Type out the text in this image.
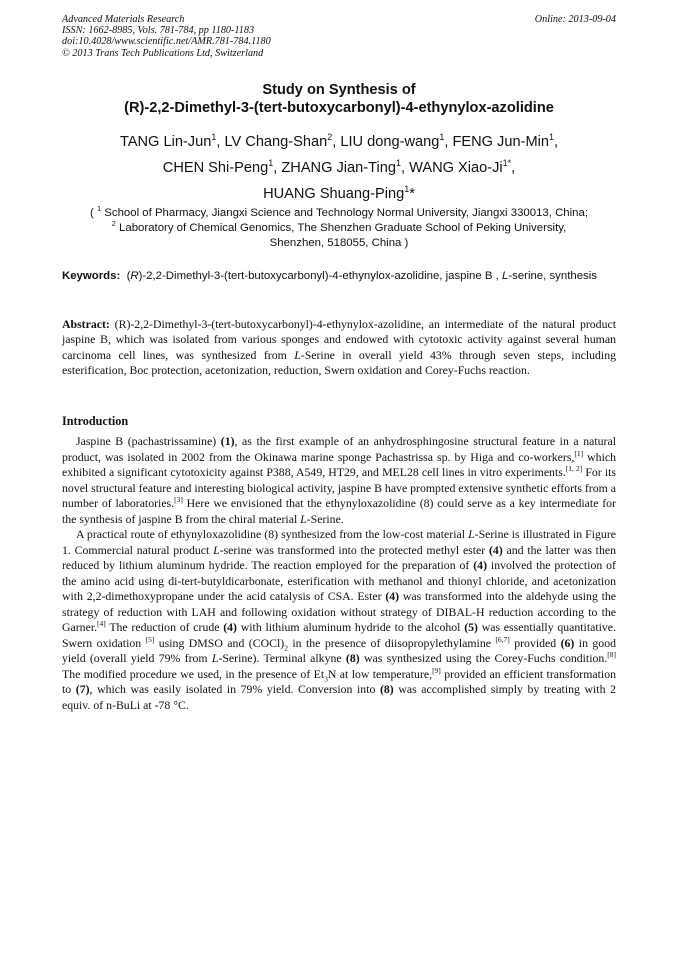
Advanced Materials Research
ISSN: 1662-8985, Vols. 781-784, pp 1180-1183
doi:10.4028/www.scientific.net/AMR.781-784.1180
© 2013 Trans Tech Publications Ltd, Switzerland
Online: 2013-09-04
Study on Synthesis of
(R)-2,2-Dimethyl-3-(tert-butoxycarbonyl)-4-ethynylox-azolidine
TANG Lin-Jun$^1$, LV Chang-Shan$^2$, LIU dong-wang$^1$, FENG Jun-Min$^1$,
CHEN Shi-Peng$^1$, ZHANG Jian-Ting$^1$, WANG Xiao-$Ji^{1*}$,
HUANG Shuang-Ping$^1$*
( $^1$ School of Pharmacy, Jiangxi Science and Technology Normal University, Jiangxi 330013, China;
$^2$ Laboratory of Chemical Genomics, The Shenzhen Graduate School of Peking University,
Shenzhen, 518055, China )
Keywords:  (R)-2,2-Dimethyl-3-(tert-butoxycarbonyl)-4-ethynylox-azolidine, jaspine B , L-serine, synthesis
Abstract: (R)-2,2-Dimethyl-3-(tert-butoxycarbonyl)-4-ethynylox-azolidine, an intermediate of the natural product jaspine B, which was isolated from various sponges and endowed with cytotoxic activity against several human carcinoma cell lines, was synthesized from L-Serine in overall yield 43% through seven steps, including esterification, Boc protection, acetonization, reduction, Swern oxidation and Corey-Fuchs reaction.
Introduction

Jaspine B (pachastrissamine) (1), as the first example of an anhydrosphingosine structural feature in a natural product, was isolated in 2002 from the Okinawa marine sponge Pachastrissa sp. by Higa and co-workers,[1] which exhibited a significant cytotoxicity against P388, A549, HT29, and MEL28 cell lines in vitro experiments.[1, 2] For its novel structural feature and interesting biological activity, jaspine B have prompted extensive synthetic efforts from a number of laboratories.[3] Here we envisioned that the ethynyloxazolidine (8) could serve as a key intermediate for the synthesis of jaspine B from the chiral material L-Serine.

A practical route of ethynyloxazolidine (8) synthesized from the low-cost material L-Serine is illustrated in Figure 1. Commercial natural product L-serine was transformed into the protected methyl ester (4) and the latter was then reduced by lithium aluminum hydride. The reaction employed for the preparation of (4) involved the protection of the amino acid using di-tert-butyldicarbonate, esterification with methanol and thionyl chloride, and acetonization with 2,2-dimethoxypropane under the acid catalysis of CSA. Ester (4) was transformed into the aldehyde using the strategy of reduction with LAH and following oxidation without strategy of DIBAL-H reduction according to the Garner.[4] The reduction of crude (4) with lithium aluminum hydride to the alcohol (5) was essentially quantitative. Swern oxidation [5] using DMSO and $(COCl)_2$ in the presence of diisopropylethylamine [6,7] provided (6) in good yield (overall yield 79% from L-Serine). Terminal alkyne (8) was synthesized using the Corey-Fuchs condition.[8] The modified procedure we used, in the presence of $Et_3N$ at low temperature,[9] provided an efficient transformation to (7), which was easily isolated in 79% yield. Conversion into (8) was accomplished simply by treating with 2 equiv. of n-BuLi at -78 °C.
